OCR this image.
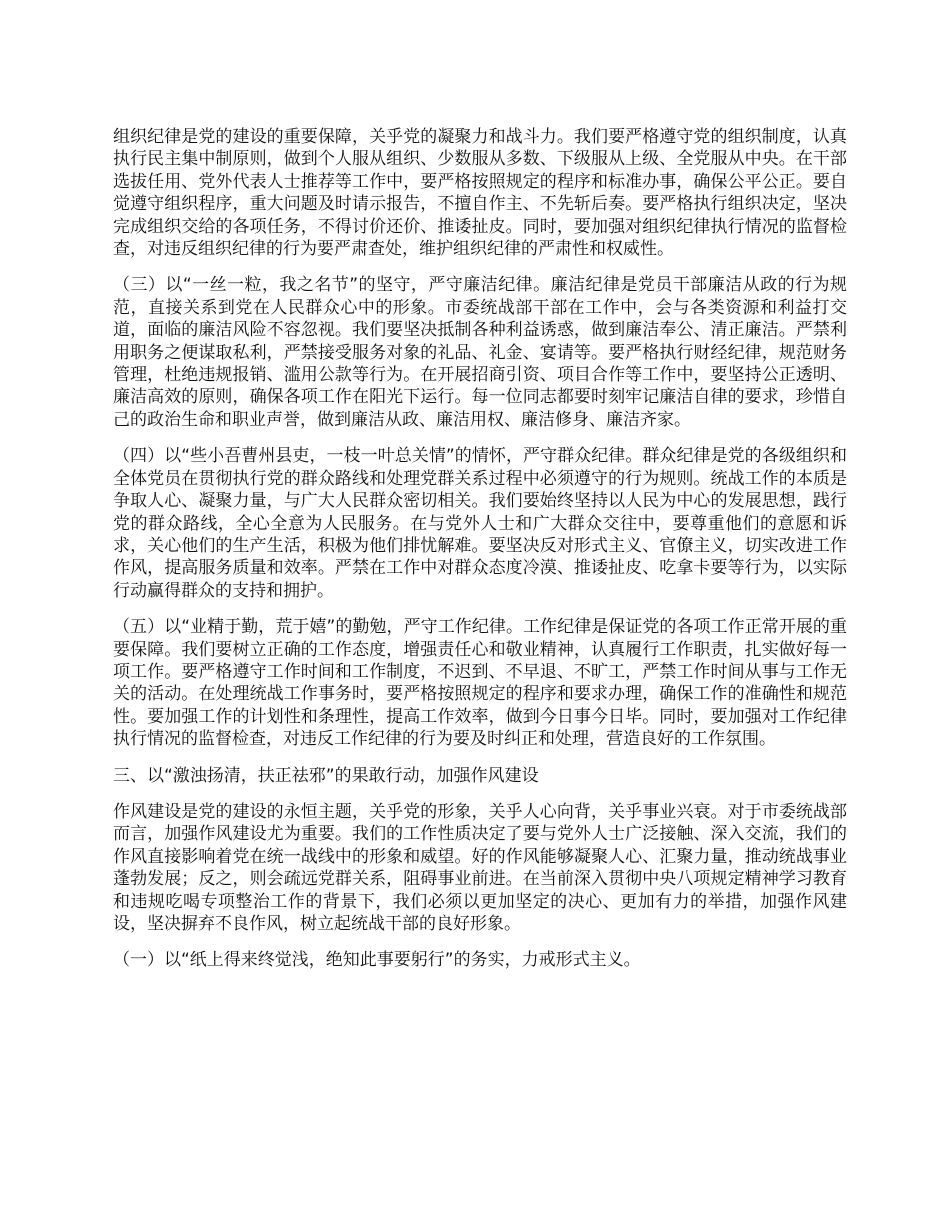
组织纪律是党的建设的重要保障，关乎党的凝聚力和战斗力。我们要严格遵守党的组织制度，认真执行民主集中制原则，做到个人服从组织、少数服从多数、下级服从上级、全党服从中央。在干部选拔任用、党外代表人士推荐等工作中，要严格按照规定的程序和标准办事，确保公平公正。要自觉遵守组织程序，重大问题及时请示报告，不擅自作主、不先斩后奏。要严格执行组织决定，坚决完成组织交给的各项任务，不得讨价还价、推诿扯皮。同时，要加强对组织纪律执行情况的监督检查，对违反组织纪律的行为要严肃查处，维护组织纪律的严肃性和权威性。

（三）以“一丝一粒，我之名节”的坚守，严守廉洁纪律。廉洁纪律是党员干部廉洁从政的行为规范，直接关系到党在人民群众心中的形象。市委统战部干部在工作中，会与各类资源和利益打交道，面临的廉洁风险不容忽视。我们要坚决抵制各种利益诱惑，做到廉洁奉公、清正廉洁。严禁利用职务之便谋取私利，严禁接受服务对象的礼品、礼金、宴请等。要严格执行财经纪律，规范财务管理，杜绝违规报销、滥用公款等行为。在开展招商引资、项目合作等工作中，要坚持公正透明、廉洁高效的原则，确保各项工作在阳光下运行。每一位同志都要时刻牢记廉洁自律的要求，珍惜自己的政治生命和职业声誉，做到廉洁从政、廉洁用权、廉洁修身、廉洁齐家。

（四）以“些小吾曹州县吏，一枝一叶总关情”的情怀，严守群众纪律。群众纪律是党的各级组织和全体党员在贯彻执行党的群众路线和处理党群关系过程中必须遵守的行为规则。统战工作的本质是争取人心、凝聚力量，与广大人民群众密切相关。我们要始终坚持以人民为中心的发展思想，践行党的群众路线，全心全意为人民服务。在与党外人士和广大群众交往中，要尊重他们的意愿和诉求，关心他们的生产生活，积极为他们排忧解难。要坚决反对形式主义、官僚主义，切实改进工作作风，提高服务质量和效率。严禁在工作中对群众态度冷漠、推诿扯皮、吃拿卡要等行为，以实际行动赢得群众的支持和拥护。

（五）以“业精于勤，荒于嬉”的勤勉，严守工作纪律。工作纪律是保证党的各项工作正常开展的重要保障。我们要树立正确的工作态度，增强责任心和敬业精神，认真履行工作职责，扎实做好每一项工作。要严格遵守工作时间和工作制度，不迟到、不早退、不旷工，严禁工作时间从事与工作无关的活动。在处理统战工作事务时，要严格按照规定的程序和要求办理，确保工作的准确性和规范性。要加强工作的计划性和条理性，提高工作效率，做到今日事今日毕。同时，要加强对工作纪律执行情况的监督检查，对违反工作纪律的行为要及时纠正和处理，营造良好的工作氛围。

三、以“激浊扬清，扶正祛邪”的果敢行动，加强作风建设

作风建设是党的建设的永恒主题，关乎党的形象，关乎人心向背，关乎事业兴衰。对于市委统战部而言，加强作风建设尤为重要。我们的工作性质决定了要与党外人士广泛接触、深入交流，我们的作风直接影响着党在统一战线中的形象和威望。好的作风能够凝聚人心、汇聚力量，推动统战事业蓬勃发展；反之，则会疏远党群关系，阻碍事业前进。在当前深入贯彻中央八项规定精神学习教育和违规吃喝专项整治工作的背景下，我们必须以更加坚定的决心、更加有力的举措，加强作风建设，坚决摒弃不良作风，树立起统战干部的良好形象。

（一）以“纸上得来终觉浅，绝知此事要躬行”的务实，力戒形式主义。
